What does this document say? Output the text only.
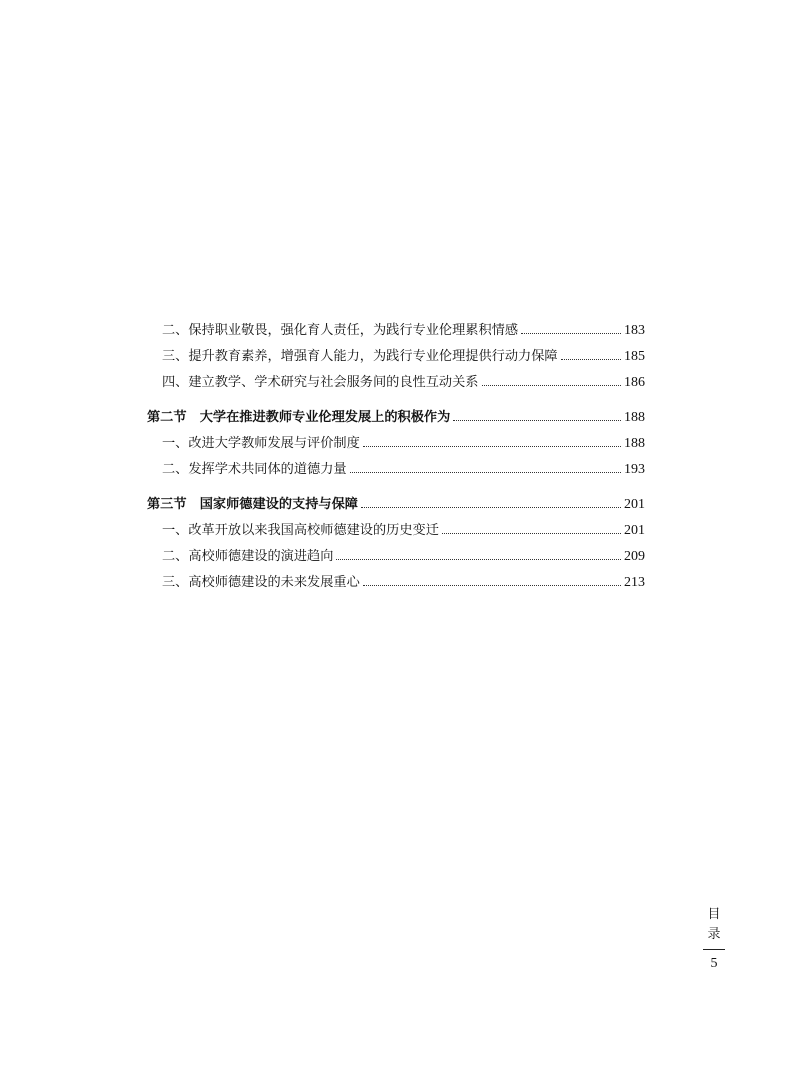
二、保持职业敬畏，强化育人责任，为践行专业伦理累积情感	183
三、提升教育素养，增强育人能力，为践行专业伦理提供行动力保障	185
四、建立教学、学术研究与社会服务间的良性互动关系	186
第二节　大学在推进教师专业伦理发展上的积极作为	188
一、改进大学教师发展与评价制度	188
二、发挥学术共同体的道德力量	193
第三节　国家师德建设的支持与保障	201
一、改革开放以来我国高校师德建设的历史变迁	201
二、高校师德建设的演进趋向	209
三、高校师德建设的未来发展重心	213
目
录
5
